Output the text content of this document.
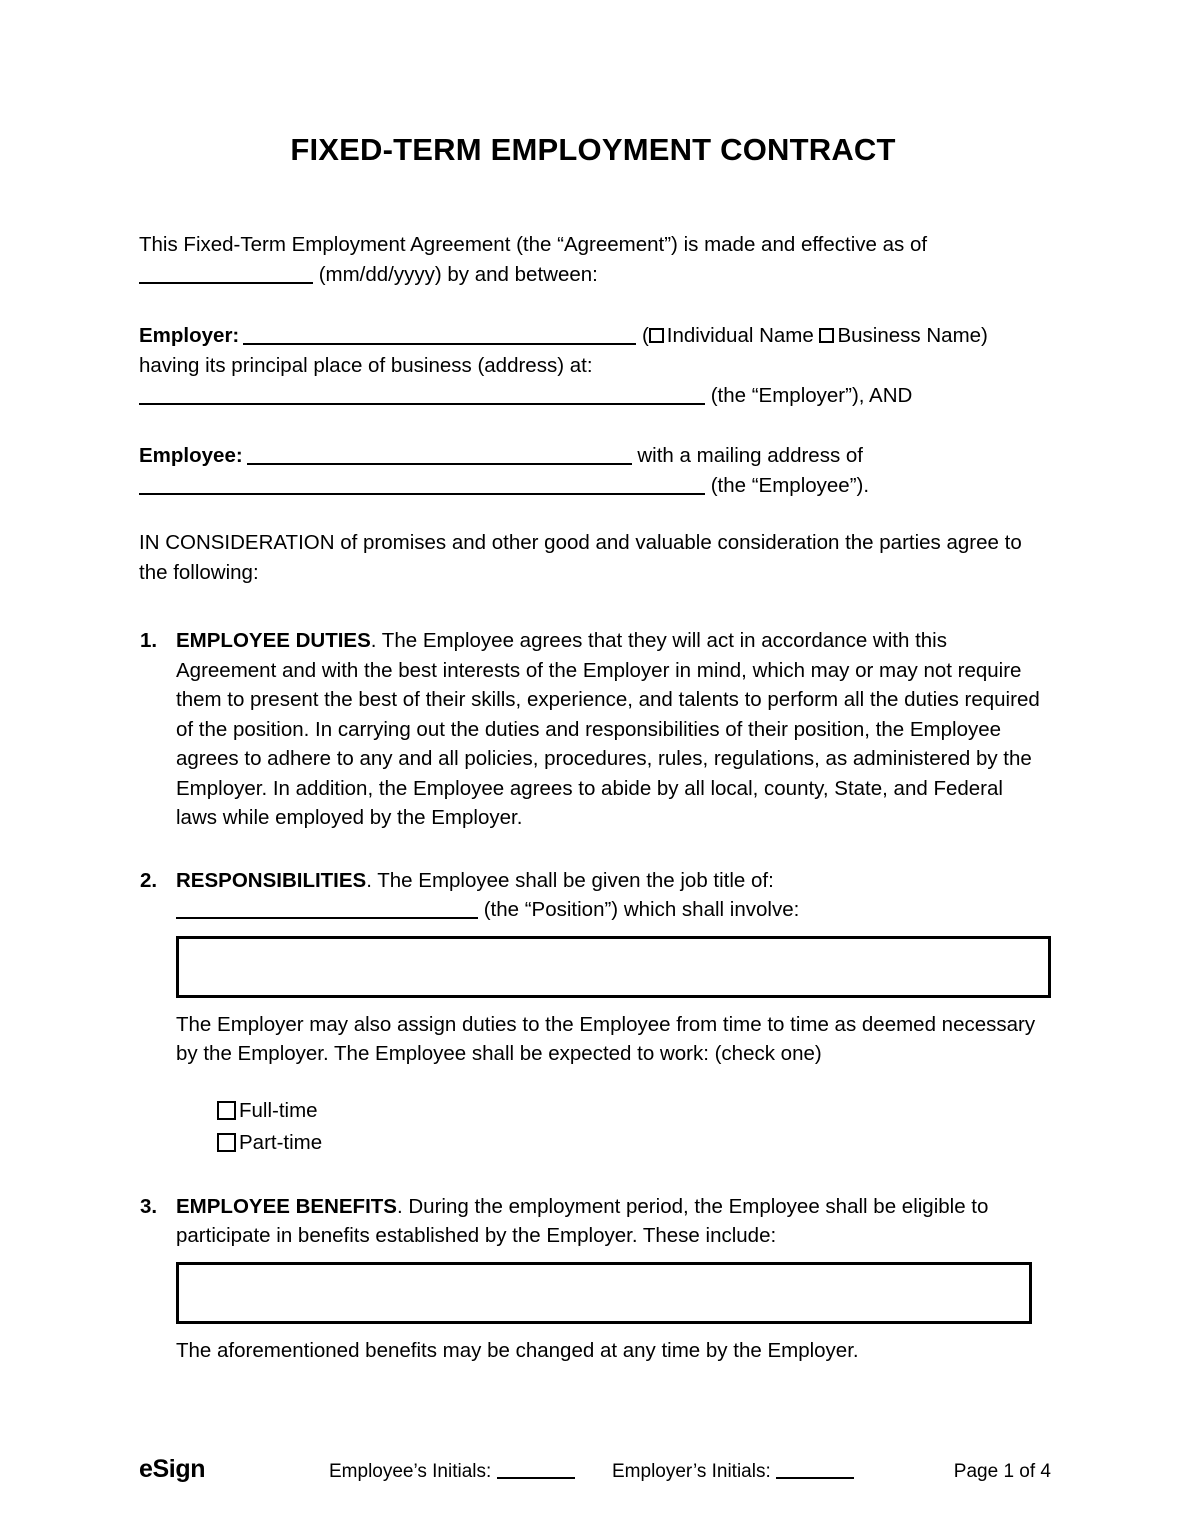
FIXED-TERM EMPLOYMENT CONTRACT
This Fixed-Term Employment Agreement (the “Agreement”) is made and effective as of
(mm/dd/yyyy) by and between:
Employer:	( Individual Name Business Name)
having its principal place of business (address) at:
(the “Employer”), AND
Employee:	with a mailing address of
(the “Employee”).

IN CONSIDERATION of promises and other good and valuable consideration the parties agree to the following:

1. EMPLOYEE DUTIES. The Employee agrees that they will act in accordance with this Agreement and with the best interests of the Employer in mind, which may or may not require them to present the best of their skills, experience, and talents to perform all the duties required of the position. In carrying out the duties and responsibilities of their position, the Employee agrees to adhere to any and all policies, procedures, rules, regulations, as administered by the Employer. In addition, the Employee agrees to abide by all local, county, State, and Federal laws while employed by the Employer.
2. RESPONSIBILITIES. The Employee shall be given the job title of:
(the “Position”) which shall involve:
The Employer may also assign duties to the Employee from time to time as deemed necessary by the Employer. The Employee shall be expected to work: (check one)
Full-time
Part-time
3. EMPLOYEE BENEFITS. During the employment period, the Employee shall be eligible to participate in benefits established by the Employer. These include:
The aforementioned benefits may be changed at any time by the Employer.
eSign	Employee’s Initials:	Employer’s Initials:	Page 1 of 4
